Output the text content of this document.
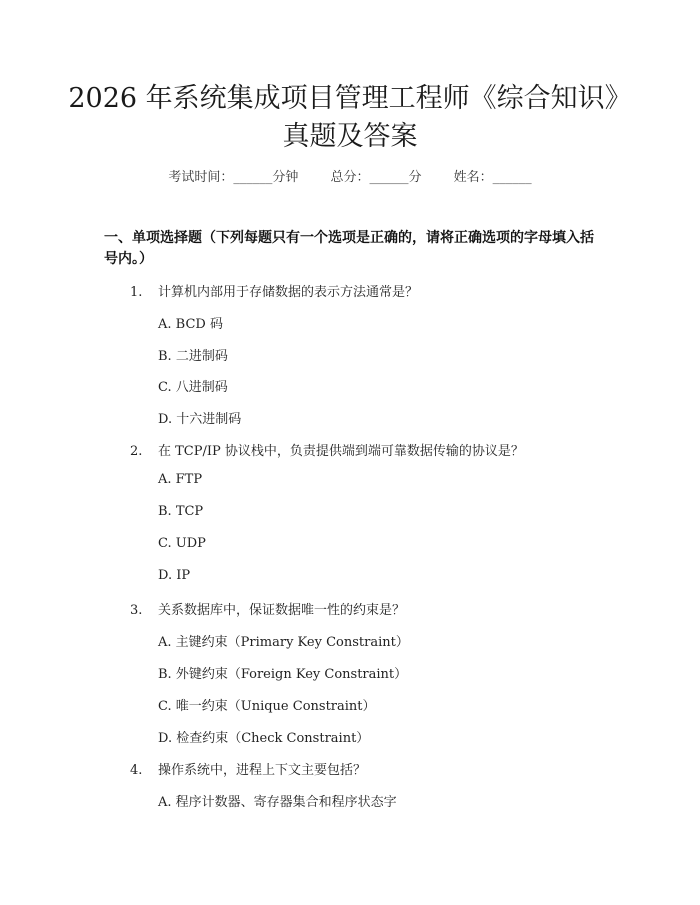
2026 年系统集成项目管理工程师《综合知识》真题及答案
考试时间：______分钟 总分：______分 姓名：______
一、单项选择题（下列每题只有一个选项是正确的，请将正确选项的字母填入括号内。）
1. 计算机内部用于存储数据的表示方法通常是？
A. BCD 码
B. 二进制码
C. 八进制码
D. 十六进制码
2. 在 TCP/IP 协议栈中，负责提供端到端可靠数据传输的协议是？
A. FTP
B. TCP
C. UDP
D. IP
3. 关系数据库中，保证数据唯一性的约束是？
A. 主键约束（Primary Key Constraint）
B. 外键约束（Foreign Key Constraint）
C. 唯一约束（Unique Constraint）
D. 检查约束（Check Constraint）
4. 操作系统中，进程上下文主要包括？
A. 程序计数器、寄存器集合和程序状态字
